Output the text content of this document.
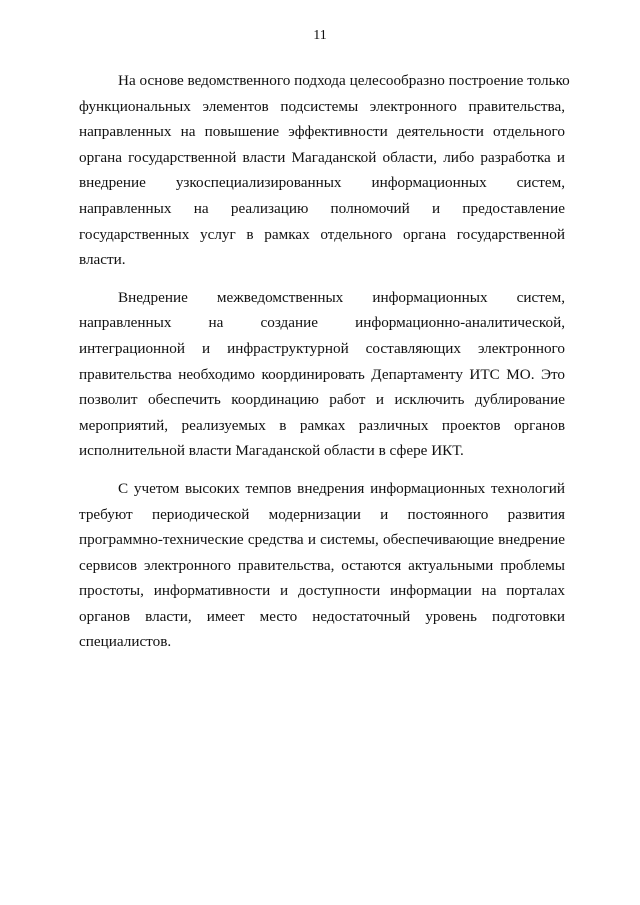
11

На основе ведомственного подхода целесообразно построение только
функциональных элементов подсистемы электронного правительства,
направленных на повышение эффективности деятельности отдельного
органа государственной власти Магаданской области, либо разработка и
внедрение узкоспециализированных информационных систем,
направленных на реализацию полномочий и предоставление
государственных услуг в рамках отдельного органа государственной
власти.

Внедрение межведомственных информационных систем,
направленных на создание информационно-аналитической,
интеграционной и инфраструктурной составляющих электронного
правительства необходимо координировать Департаменту ИТС МО. Это
позволит обеспечить координацию работ и исключить дублирование
мероприятий, реализуемых в рамках различных проектов органов
исполнительной власти Магаданской области в сфере ИКТ.

С учетом высоких темпов внедрения информационных технологий
требуют периодической модернизации и постоянного развития
программно-технические средства и системы, обеспечивающие внедрение
сервисов электронного правительства, остаются актуальными проблемы
простоты, информативности и доступности информации на порталах
органов власти, имеет место недостаточный уровень подготовки
специалистов.
